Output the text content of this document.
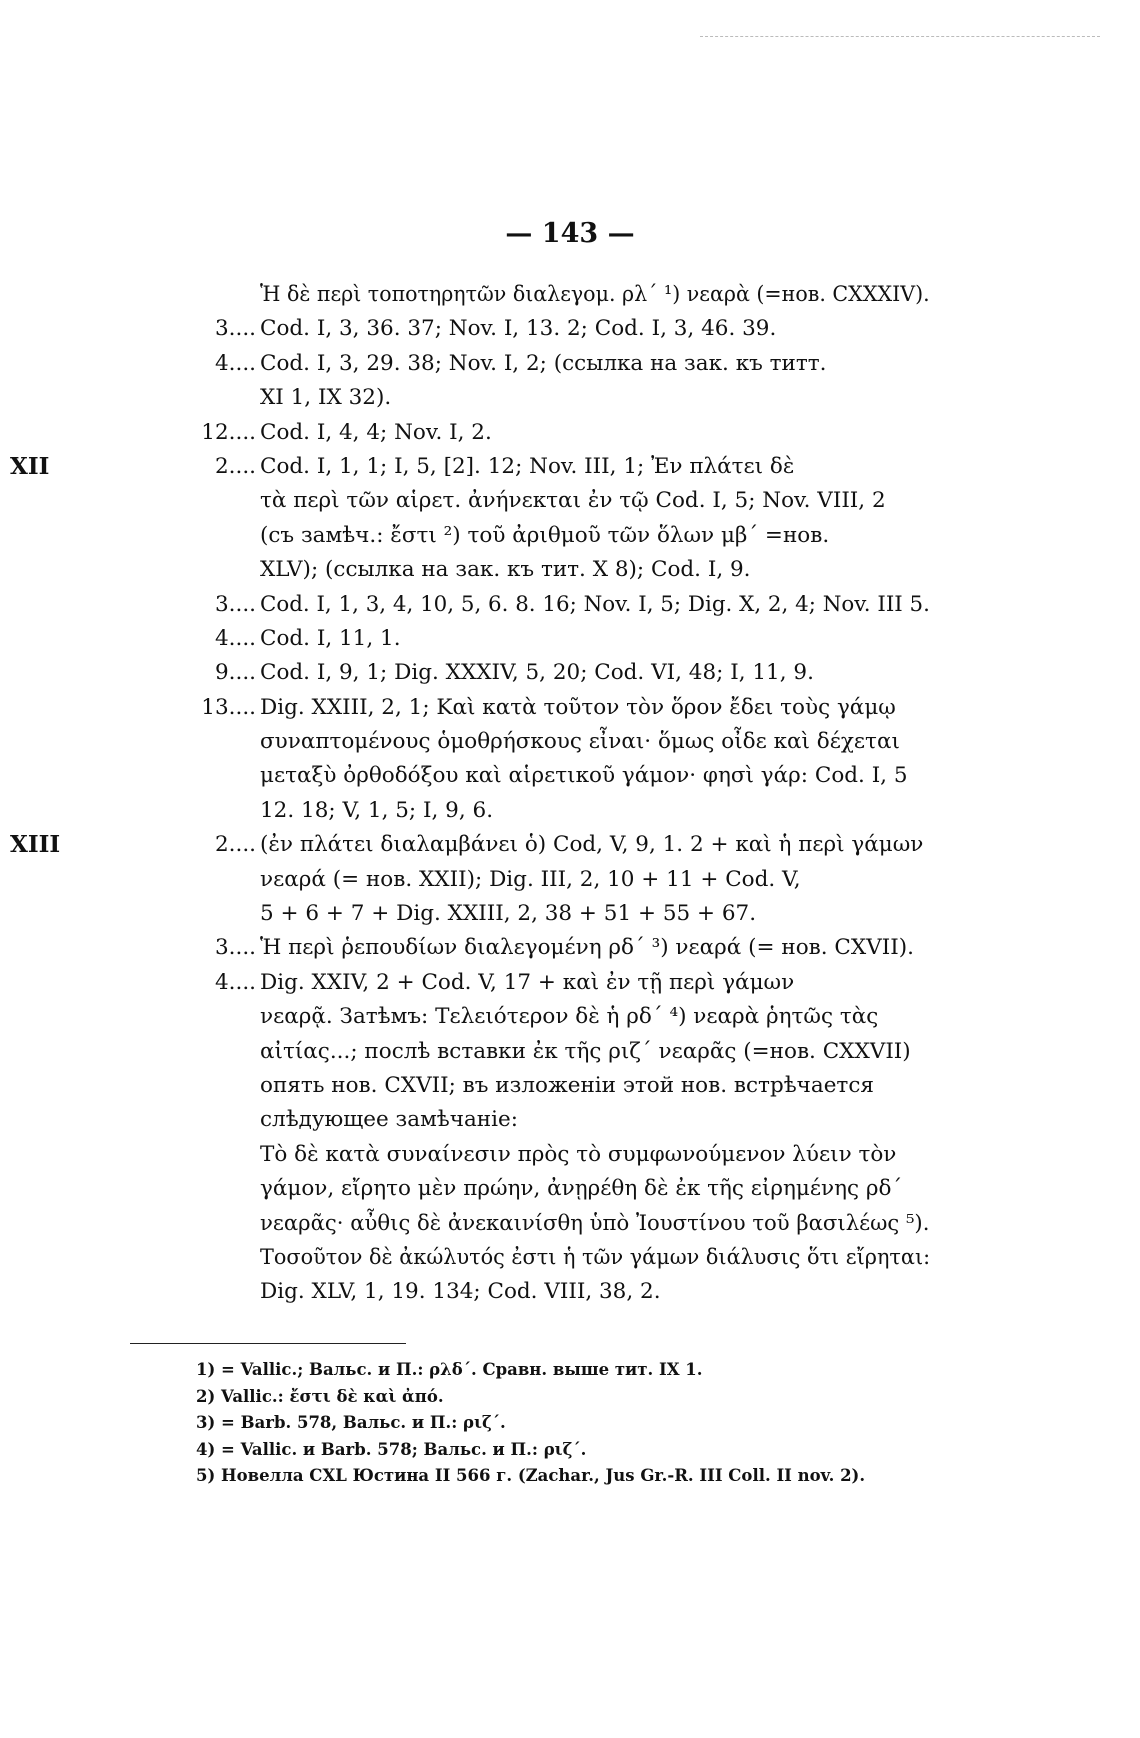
— 143 —
Ἡ δὲ περὶ τοποτηρητῶν διαλεγομ. ρλ´ ¹) νεαρὰ (=нов. CXXXIV).
3.... Cod. I, 3, 36. 37; Nov. I, 13. 2; Cod. I, 3, 46. 39.
4.... Cod. I, 3, 29. 38; Nov. I, 2; (ссылка на зак. къ титт.
XI 1, IX 32).
12.... Cod. I, 4, 4; Nov. I, 2.
XII	2.... Cod. I, 1, 1; I, 5, [2]. 12; Nov. III, 1; Ἐν πλάτει δὲ
τὰ περὶ τῶν αἱρετ. ἀνήνεκται ἐν τῷ Cod. I, 5; Nov. VIII, 2
(съ замѣч.: ἔστι ²) τοῦ ἀριθμοῦ τῶν ὅλων μβ´ =нов.
XLV); (ссылка на зак. къ тит. X 8); Cod. I, 9.
3.... Cod. I, 1, 3, 4, 10, 5, 6. 8. 16; Nov. I, 5; Dig. X, 2, 4; Nov. III 5.
4.... Cod. I, 11, 1.
9.... Cod. I, 9, 1; Dig. XXXIV, 5, 20; Cod. VI, 48; I, 11, 9.
13.... Dig. XXIII, 2, 1; Καὶ κατὰ τοῦτον τὸν ὅρον ἔδει τοὺς γάμῳ
συναπτομένους ὁμοθρήσκους εἶναι· ὅμως οἶδε καὶ δέχεται
μεταξὺ ὀρθοδόξου καὶ αἱρετικοῦ γάμον· φησὶ γάρ: Cod. I, 5
12. 18; V, 1, 5; I, 9, 6.
XIII	2.... (ἐν πλάτει διαλαμβάνει ὁ) Cod, V, 9, 1. 2 + καὶ ἡ περὶ γάμων
νεαρά (= нов. XXII); Dig. III, 2, 10 + 11 + Cod. V,
5 + 6 + 7 + Dig. XXIII, 2, 38 + 51 + 55 + 67.
3.... Ἡ περὶ ῥεπουδίων διαλεγομένη ρδ´ ³) νεαρά (= нов. CXVII).
4.... Dig. XXIV, 2 + Cod. V, 17 + καὶ ἐν τῇ περὶ γάμων
νεαρᾷ. Затѣмъ: Τελειότερον δὲ ἡ ρδ´ ⁴) νεαρὰ ῥητῶς τὰς
αἰτίας...; послѣ вставки ἐκ τῆς ριζ´ νεαρᾶς (=нов. CXXVII)
опять нов. CXVII; въ изложеніи этой нов. встрѣчается
слѣдующее замѣчаніе:
Τὸ δὲ κατὰ συναίνεσιν πρὸς τὸ συμφωνούμενον λύειν τὸν
γάμον, εἴρητο μὲν πρώην, ἀνῃρέθη δὲ ἐκ τῆς εἰρημένης ρδ´
νεαρᾶς· αὖθις δὲ ἀνεκαινίσθη ὑπὸ Ἰουστίνου τοῦ βασιλέως ⁵).
Τοσοῦτον δὲ ἀκώλυτός ἐστι ἡ τῶν γάμων διάλυσις ὅτι εἴρηται:
Dig. XLV, 1, 19. 134; Cod. VIII, 38, 2.
1) = Vallic.; Вальс. и П.: ρλδ´. Сравн. выше тит. IX 1.
2) Vallic.: ἔστι δὲ καὶ ἀπό.
3) = Barb. 578, Вальс. и П.: ριζ´.
4) = Vallic. и Barb. 578; Вальс. и П.: ριζ´.
5) Новелла CXL Юстина II 566 г. (Zachar., Jus Gr.-R. III Coll. II nov. 2).
